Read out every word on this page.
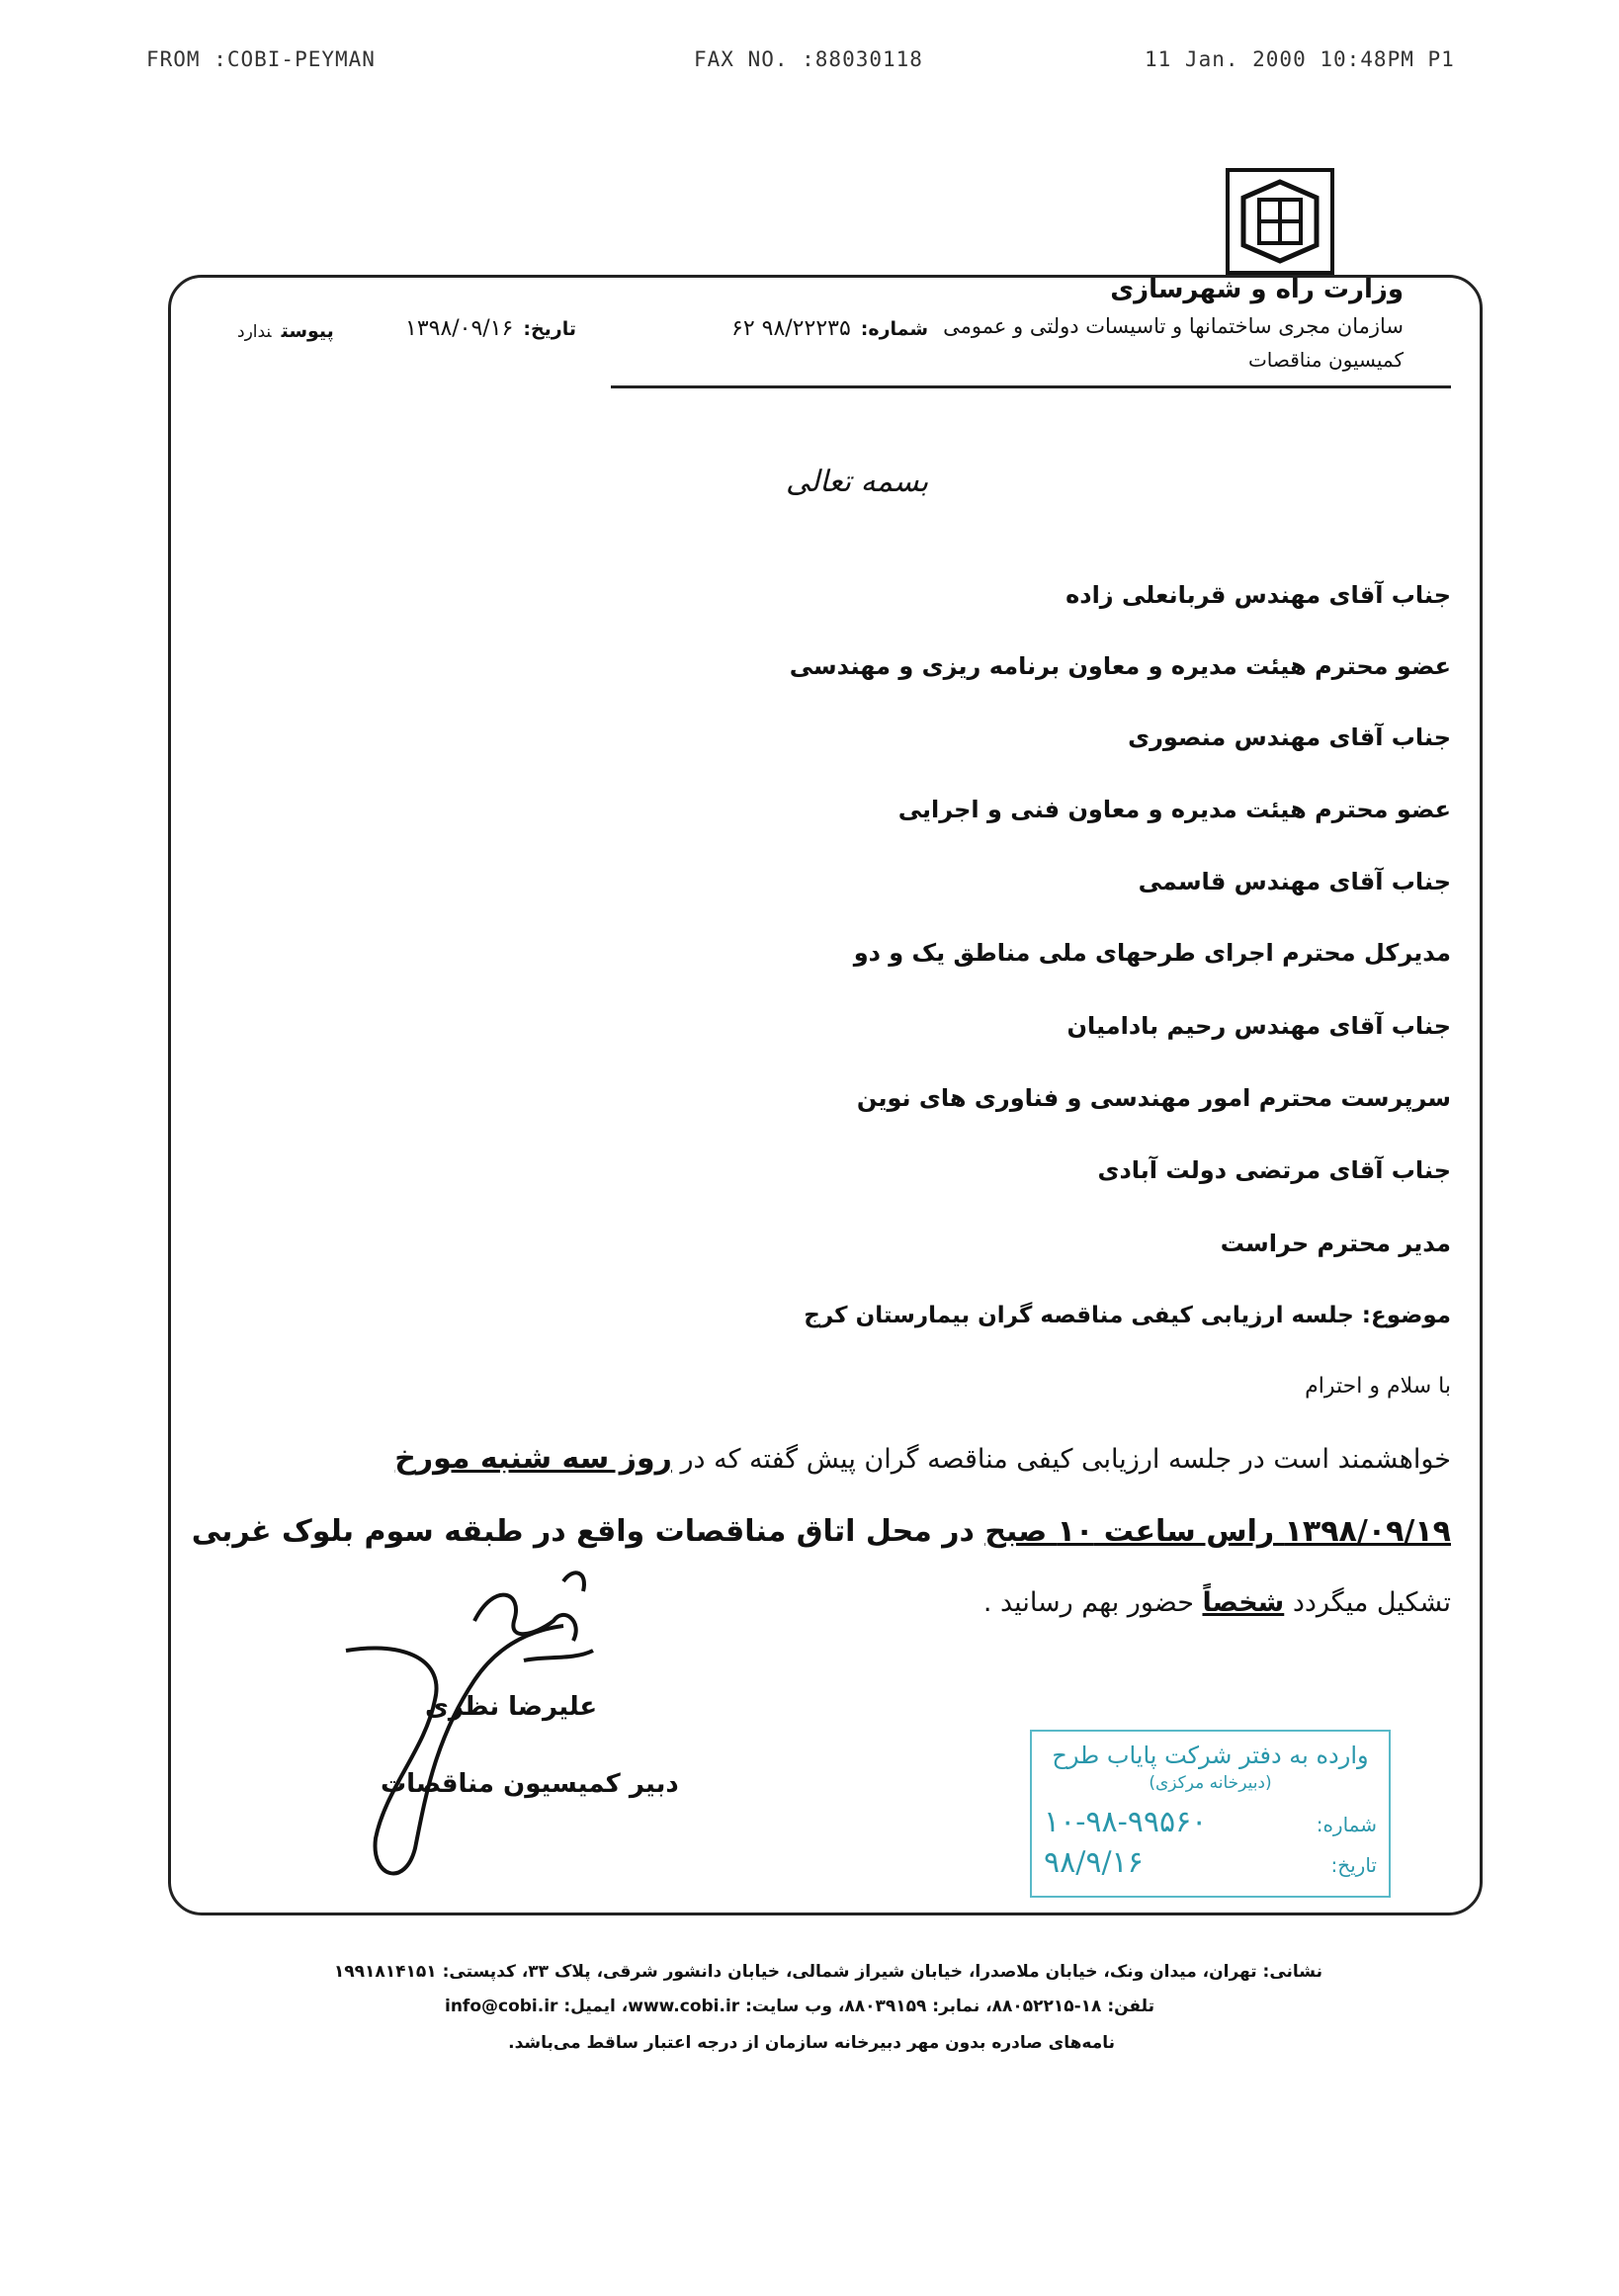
FROM :COBI-PEYMAN	FAX NO. :88030118	11 Jan. 2000 10:48PM P1
وزارت راه و شهرسازی
سازمان مجری ساختمانها و تاسیسات دولتی و عمومی
کمیسیون مناقصات
شماره:۹۸/۲۲۲۳۵ ۶۲
تاریخ:۱۳۹۸/۰۹/۱۶
پیوستندارد
بسمه تعالی
جناب آقای مهندس قربانعلی زاده
عضو محترم هیئت مدیره و معاون برنامه ریزی و مهندسی
جناب آقای مهندس منصوری
عضو محترم هیئت مدیره و معاون فنی و اجرایی
جناب آقای مهندس قاسمی
مدیرکل محترم اجرای طرحهای ملی مناطق یک و دو
جناب آقای مهندس رحیم بادامیان
سرپرست محترم امور مهندسی و فناوری های نوین
جناب آقای مرتضی دولت آبادی
مدیر محترم حراست
موضوع: جلسه ارزیابی کیفی مناقصه گران بیمارستان کرج
با سلام و احترام
خواهشمند است در جلسه ارزیابی کیفی مناقصه گران پیش گفته که در روز سه شنبه مورخ
۱۳۹۸/۰۹/۱۹ راس ساعت ۱۰ صبح در محل اتاق مناقصات واقع در طبقه سوم بلوک غربی
تشکیل میگردد شخصاً حضور بهم رسانید .
علیرضا نظری
دبیر کمیسیون مناقصات
وارده به دفتر شرکت پایاب طرح
(دبیرخانه مرکزی)
شماره:
۱۰-۹۸-۹۹۵۶۰
تاریخ:
۹۸/۹/۱۶
نشانی: تهران، میدان ونک، خیابان ملاصدرا، خیابان شیراز شمالی، خیابان دانشور شرقی، پلاک ۳۳، کدپستی: ۱۹۹۱۸۱۴۱۵۱
تلفن: ۱۸-۸۸۰۵۲۲۱۵، نمابر: ۸۸۰۳۹۱۵۹، وب سایت: www.cobi.ir، ایمیل: info@cobi.ir
نامه‌های صادره بدون مهر دبیرخانه سازمان از درجه اعتبار ساقط می‌باشد.
